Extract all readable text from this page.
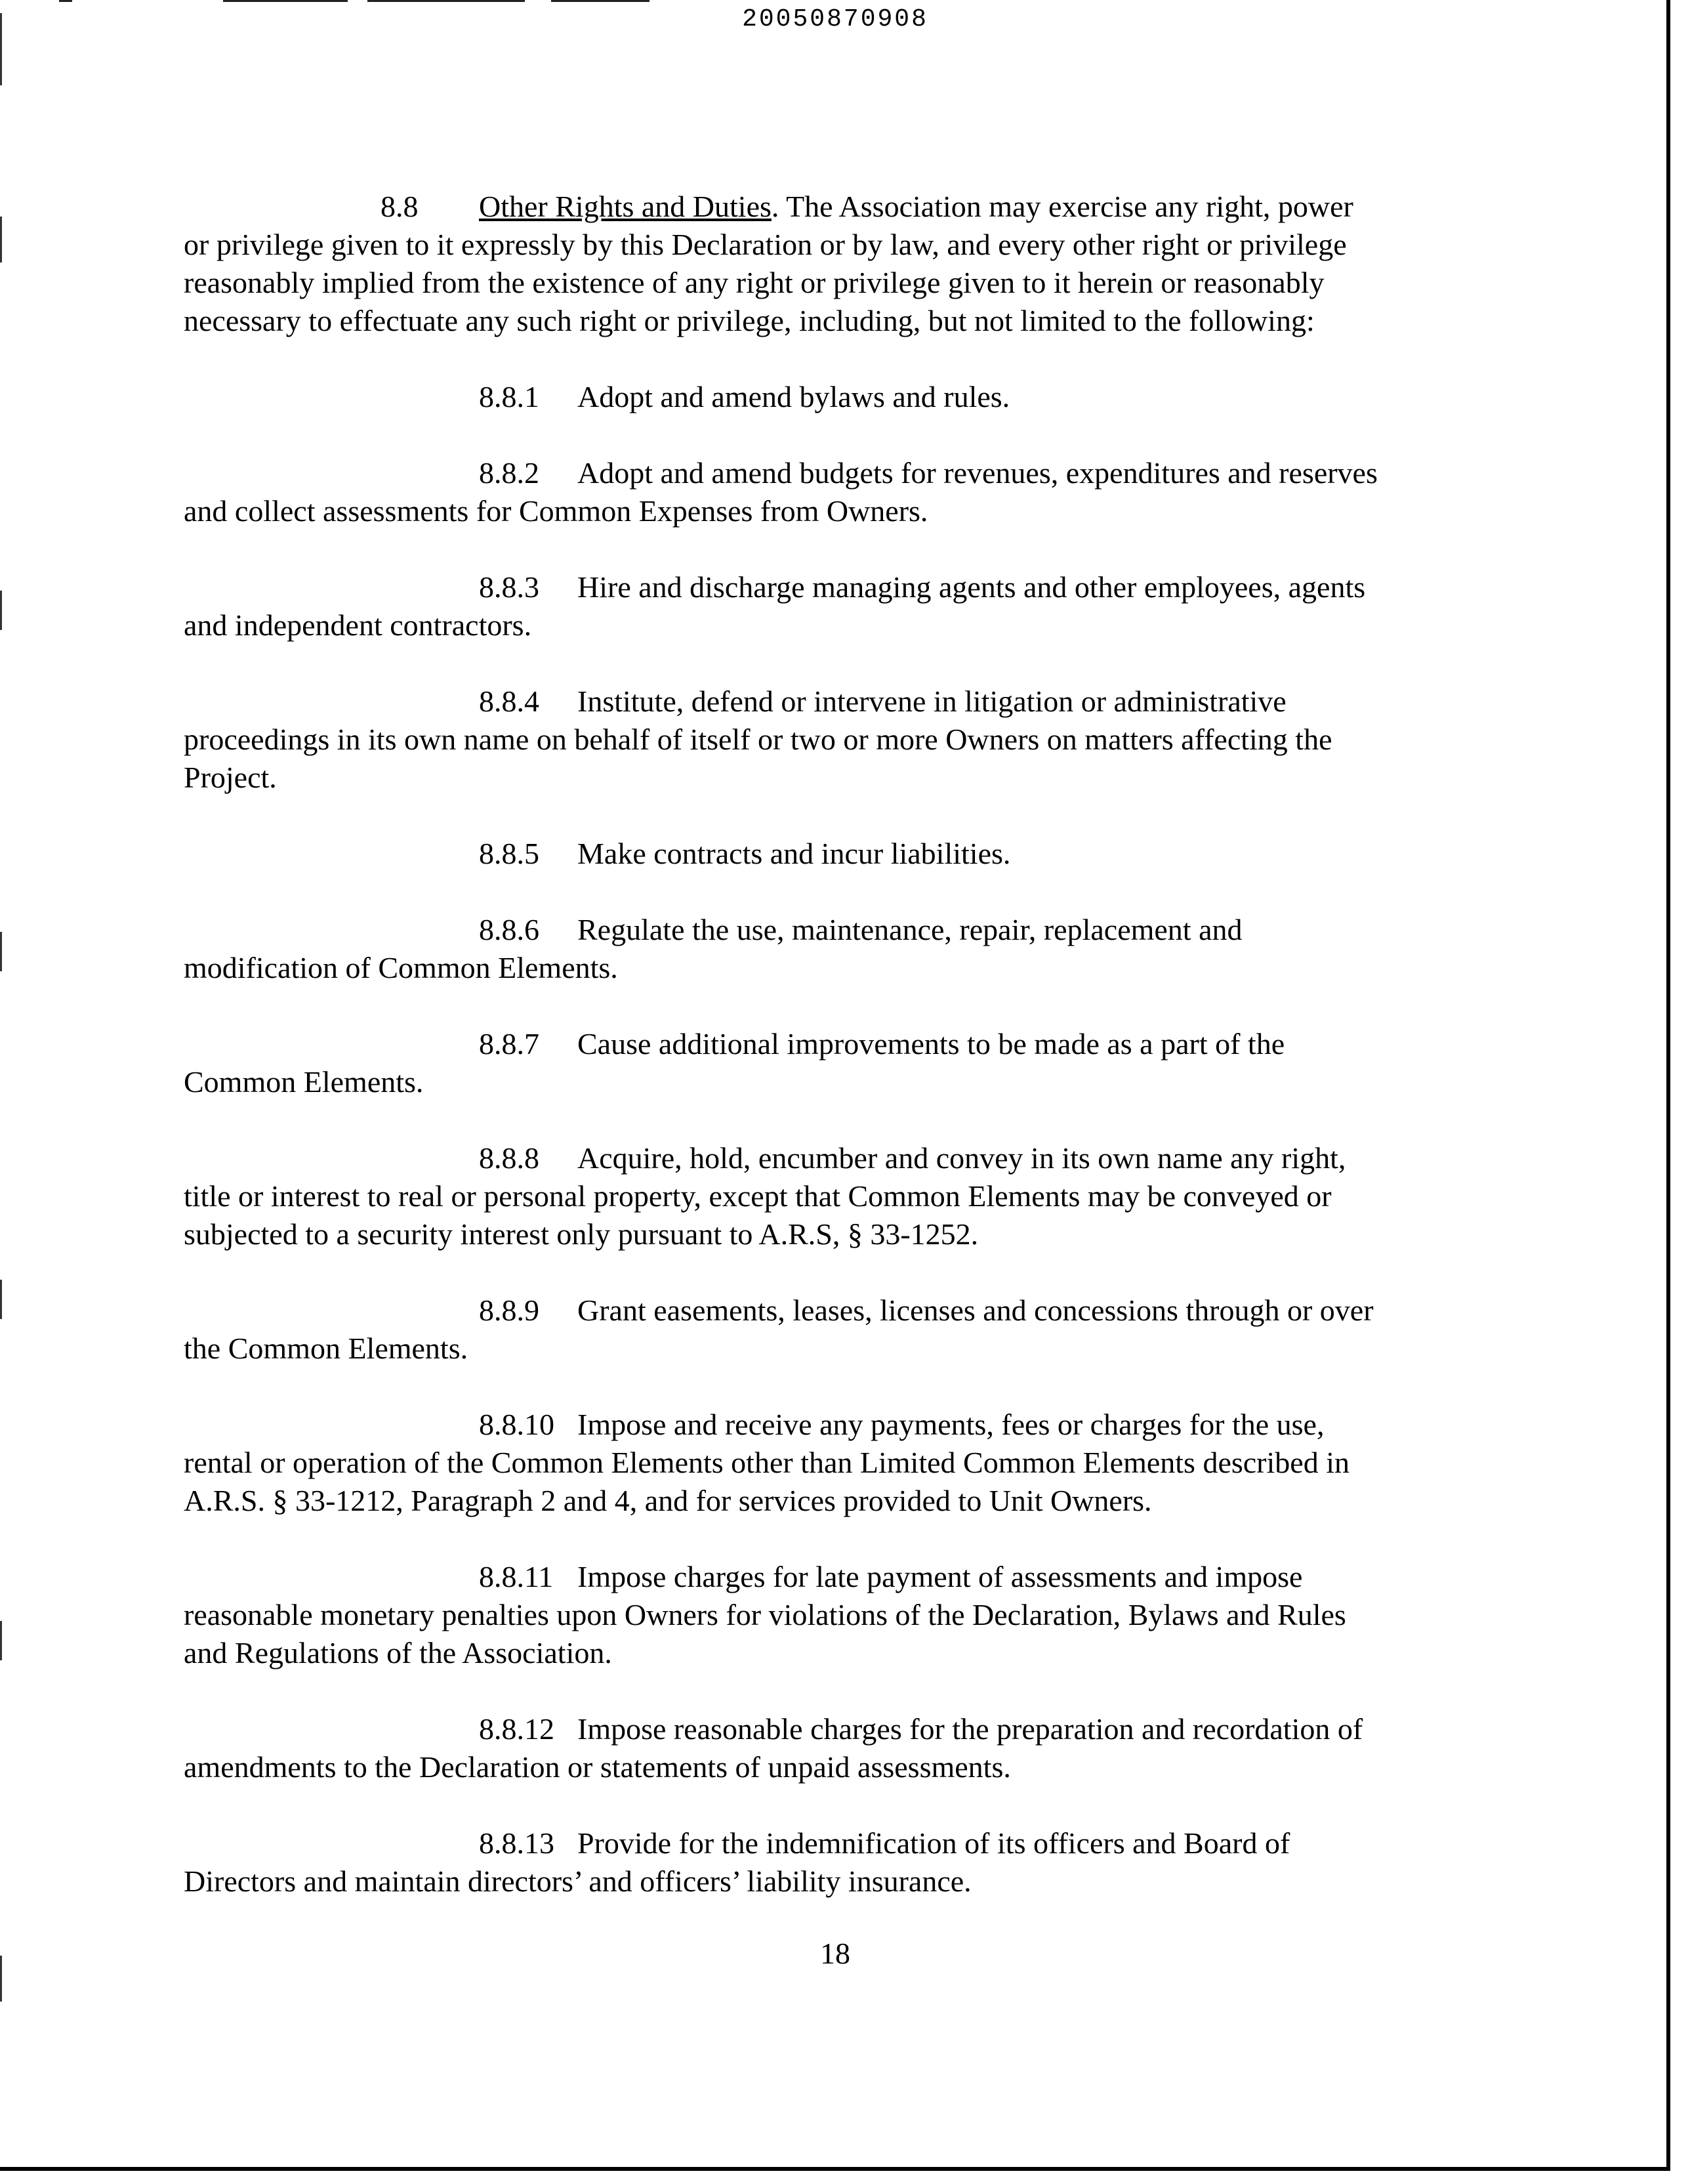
20050870908
8.8 Other Rights and Duties. The Association may exercise any right, power
or privilege given to it expressly by this Declaration or by law, and every other right or privilege
reasonably implied from the existence of any right or privilege given to it herein or reasonably
necessary to effectuate any such right or privilege, including, but not limited to the following:
8.8.1 Adopt and amend bylaws and rules.
8.8.2 Adopt and amend budgets for revenues, expenditures and reserves
and collect assessments for Common Expenses from Owners.
8.8.3 Hire and discharge managing agents and other employees, agents
and independent contractors.
8.8.4 Institute, defend or intervene in litigation or administrative
proceedings in its own name on behalf of itself or two or more Owners on matters affecting the
Project.
8.8.5 Make contracts and incur liabilities.
8.8.6 Regulate the use, maintenance, repair, replacement and
modification of Common Elements.
8.8.7 Cause additional improvements to be made as a part of the
Common Elements.
8.8.8 Acquire, hold, encumber and convey in its own name any right,
title or interest to real or personal property, except that Common Elements may be conveyed or
subjected to a security interest only pursuant to A.R.S, § 33-1252.
8.8.9 Grant easements, leases, licenses and concessions through or over
the Common Elements.
8.8.10 Impose and receive any payments, fees or charges for the use,
rental or operation of the Common Elements other than Limited Common Elements described in
A.R.S. § 33-1212, Paragraph 2 and 4, and for services provided to Unit Owners.
8.8.11 Impose charges for late payment of assessments and impose
reasonable monetary penalties upon Owners for violations of the Declaration, Bylaws and Rules
and Regulations of the Association.
8.8.12 Impose reasonable charges for the preparation and recordation of
amendments to the Declaration or statements of unpaid assessments.
8.8.13 Provide for the indemnification of its officers and Board of
Directors and maintain directors’ and officers’ liability insurance.
18
